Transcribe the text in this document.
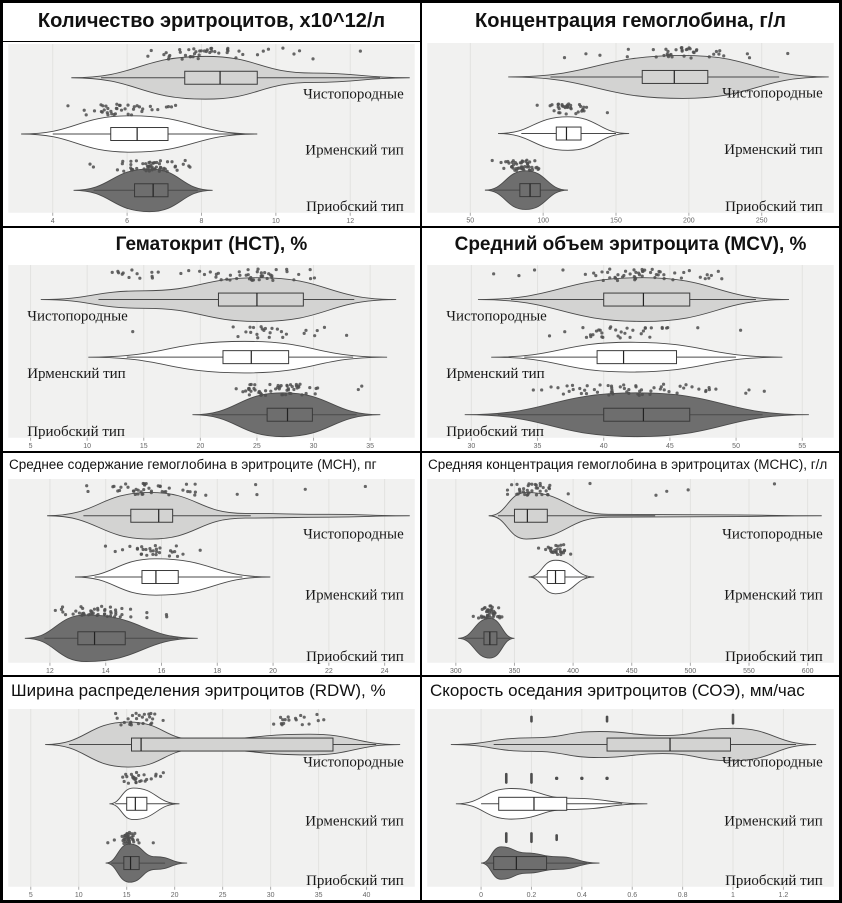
Количество эритроцитов, x10^12/л
4	6	8	10	12
Чистопородные
Ирменский тип
Приобский тип
Концентрация гемоглобина, г/л
50	100	150	200	250
Чистопородные
Ирменский тип
Приобский тип
Гематокрит (HCT), %
5	10	15	20	25	30	35
Чистопородные
Ирменский тип
Приобский тип
Средний объем эритроцита (MCV), %
30	35	40	45	50	55
Чистопородные
Ирменский тип
Приобский тип
Среднее содержание гемоглобина в эритроците (MCH), пг
12	14	16	18	20	22	24
Чистопородные
Ирменский тип
Приобский тип
Средняя концентрация гемоглобина в эритроцитах (MCHC), г/л
300	350	400	450	500	550	600
Чистопородные
Ирменский тип
Приобский тип
Ширина распределения эритроцитов (RDW), %
5	10	15	20	25	30	35	40
Чистопородные
Ирменский тип
Приобский тип
Скорость оседания эритроцитов (СОЭ), мм/час
0	0.2	0.4	0.6	0.8	1	1.2
Чистопородные
Ирменский тип
Приобский тип
